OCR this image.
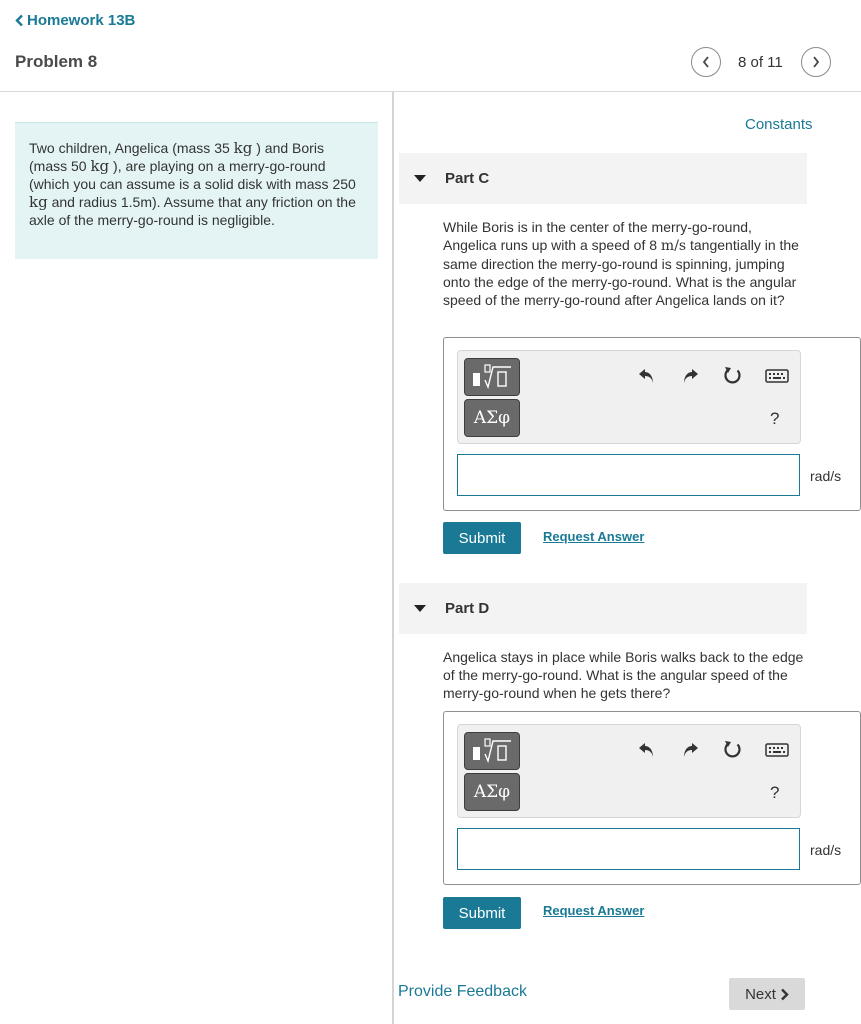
Homework 13B
Problem 8	8 of 11
Two children, Angelica (mass 35 kg ) and Boris (mass 50 kg ), are playing on a merry-go-round (which you can assume is a solid disk with mass 250 kg and radius 1.5m). Assume that any friction on the axle of the merry-go-round is negligible.
Constants
Part C
While Boris is in the center of the merry-go-round, Angelica runs up with a speed of 8 m/s tangentially in the same direction the merry-go-round is spinning, jumping onto the edge of the merry-go-round. What is the angular speed of the merry-go-round after Angelica lands on it?
ΑΣφ	?
rad/s
Submit	Request Answer
Part D
Angelica stays in place while Boris walks back to the edge of the merry-go-round. What is the angular speed of the merry-go-round when he gets there?
ΑΣφ	?
rad/s
Submit	Request Answer
Provide Feedback	Next
